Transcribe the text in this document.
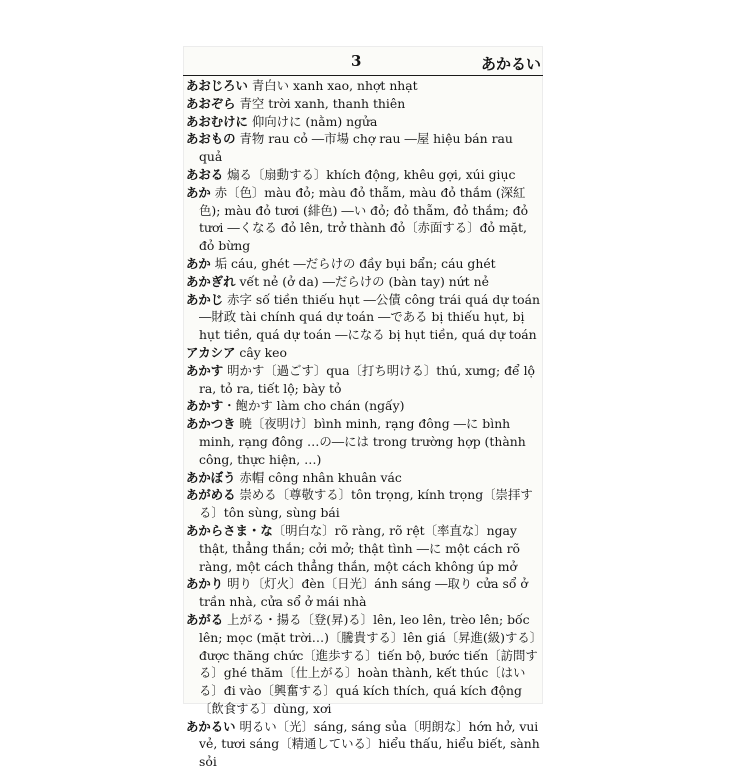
3	あかるい

あおじろい 青白い xanh xao, nhợt nhạt

あおぞら 青空 trời xanh, thanh thiên

あおむけに 仰向けに (nằm) ngửa

あおもの 青物 rau cỏ ―市場 chợ rau ―屋 hiệu bán rau quả

あおる 煽る〔扇動する〕khích động, khêu gợi, xúi giục

あか 赤〔色〕màu đỏ; màu đỏ thẫm, màu đỏ thắm (深紅色); màu đỏ tươi (緋色) ―い đỏ; đỏ thẫm, đỏ thắm; đỏ tươi ―くなる đỏ lên, trở thành đỏ〔赤面する〕đỏ mặt, đỏ bừng

あか 垢 cáu, ghét ―だらけの đầy bụi bẩn; cáu ghét

あかぎれ vết nẻ (ở da) ―だらけの (bàn tay) nứt nẻ

あかじ 赤字 số tiền thiếu hụt ―公債 công trái quá dự toán ―財政 tài chính quá dự toán ―である bị thiếu hụt, bị hụt tiền, quá dự toán ―になる bị hụt tiền, quá dự toán

アカシア cây keo

あかす 明かす〔過ごす〕qua〔打ち明ける〕thú, xưng; để lộ ra, tỏ ra, tiết lộ; bày tỏ

あかす・飽かす làm cho chán (ngấy)

あかつき 暁〔夜明け〕bình minh, rạng đông ―に bình minh, rạng đông …の―には trong trường hợp (thành công, thực hiện, …)

あかぼう 赤帽 công nhân khuân vác

あがめる 崇める〔尊敬する〕tôn trọng, kính trọng〔崇拝する〕tôn sùng, sùng bái

あからさま・な〔明白な〕rõ ràng, rõ rệt〔率直な〕ngay thật, thẳng thắn; cởi mở; thật tình ―に một cách rõ ràng, một cách thẳng thắn, một cách không úp mở

あかり 明り〔灯火〕đèn〔日光〕ánh sáng ―取り cửa sổ ở trần nhà, cửa sổ ở mái nhà

あがる 上がる・揚る〔登(昇)る〕lên, leo lên, trèo lên; bốc lên; mọc (mặt trời…)〔騰貴する〕lên giá〔昇進(級)する〕được thăng chức〔進歩する〕tiến bộ, bước tiến〔訪問する〕ghé thăm〔仕上がる〕hoàn thành, kết thúc〔はいる〕đi vào〔興奮する〕quá kích thích, quá kích động〔飲食する〕dùng, xơi

あかるい 明るい〔光〕sáng, sáng sủa〔明朗な〕hớn hở, vui vẻ, tươi sáng〔精通している〕hiểu thấu, hiểu biết, sành sỏi
